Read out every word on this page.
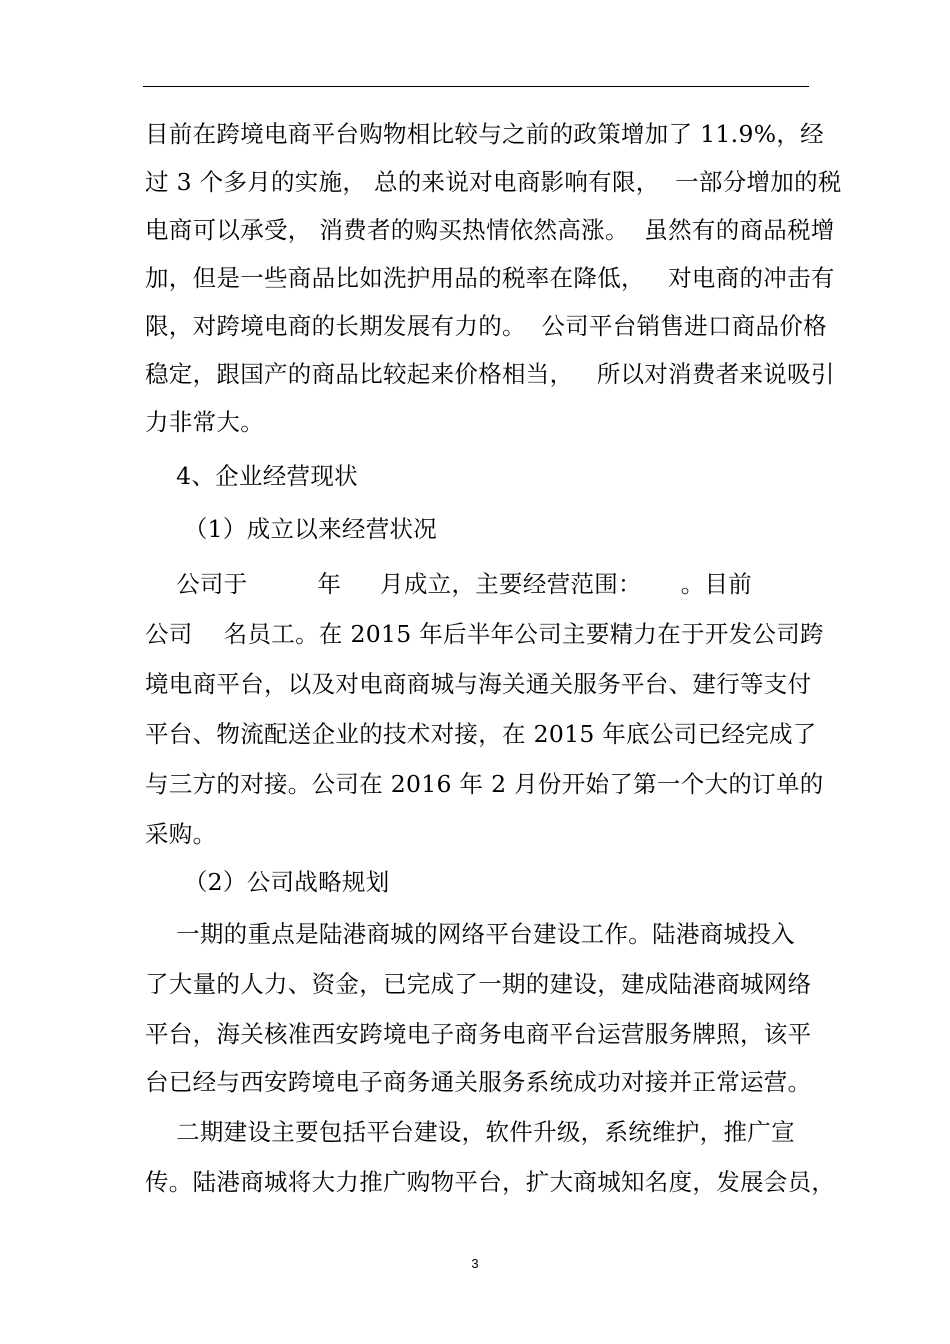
目前在跨境电商平台购物相比较与之前的政策增加了 11.9%，经
过 3 个多月的实施， 总的来说对电商影响有限，  一部分增加的税
电商可以承受， 消费者的购买热情依然高涨。  虽然有的商品税增
加，但是一些商品比如洗护用品的税率在降低，   对电商的冲击有
限，对跨境电商的长期发展有力的。  公司平台销售进口商品价格
稳定，跟国产的商品比较起来价格相当，   所以对消费者来说吸引
力非常大。
4、企业经营现状
（1）成立以来经营状况
公司于         年     月成立，主要经营范围：     。目前
公司    名员工。在 2015 年后半年公司主要精力在于开发公司跨
境电商平台，以及对电商商城与海关通关服务平台、建行等支付
平台、物流配送企业的技术对接，在 2015 年底公司已经完成了
与三方的对接。公司在 2016 年 2 月份开始了第一个大的订单的
采购。
（2）公司战略规划
一期的重点是陆港商城的网络平台建设工作。陆港商城投入
了大量的人力、资金，已完成了一期的建设，建成陆港商城网络
平台，海关核准西安跨境电子商务电商平台运营服务牌照，该平
台已经与西安跨境电子商务通关服务系统成功对接并正常运营。
二期建设主要包括平台建设，软件升级，系统维护，推广宣
传。陆港商城将大力推广购物平台，扩大商城知名度，发展会员，
3
